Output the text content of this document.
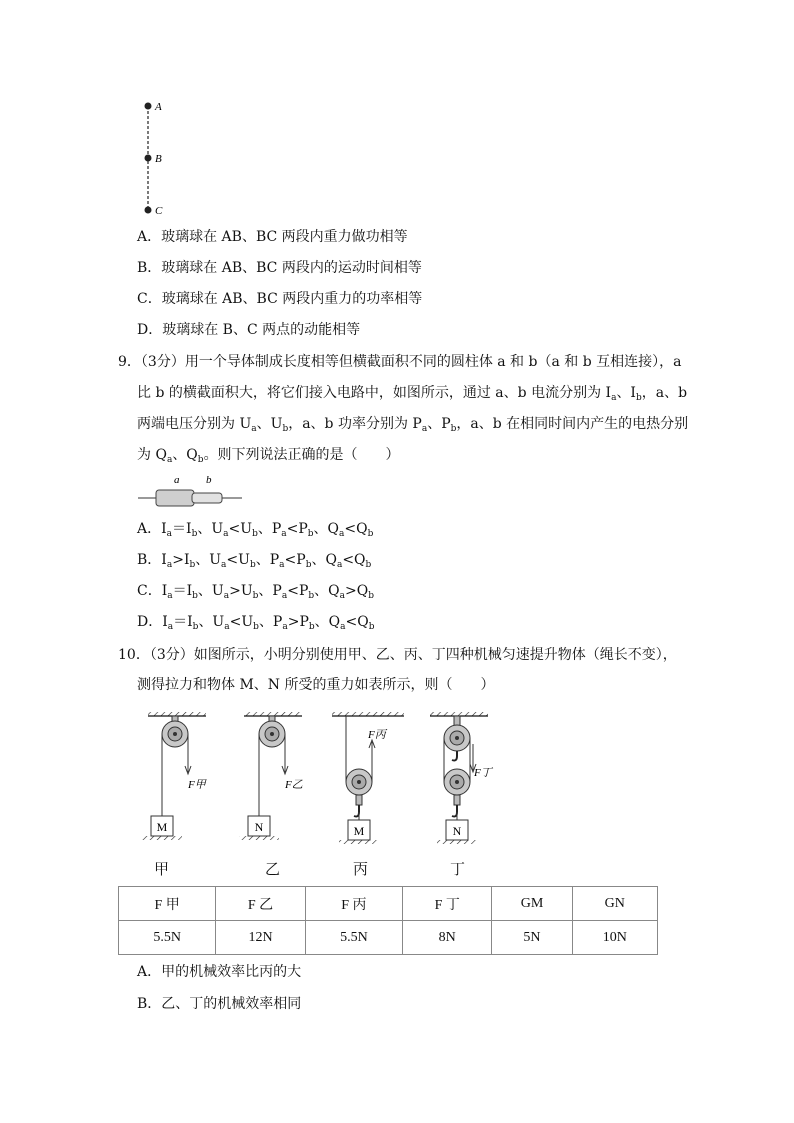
A
B
C
A．玻璃球在 AB、BC 两段内重力做功相等
B．玻璃球在 AB、BC 两段内的运动时间相等
C．玻璃球在 AB、BC 两段内重力的功率相等
D．玻璃球在 B、C 两点的动能相等
9．（3分）用一个导体制成长度相等但横截面积不同的圆柱体 a 和 b（a 和 b 互相连接），a
比 b 的横截面积大，将它们接入电路中，如图所示，通过 a、b 电流分别为 $I_a$、$I_b$，a、b
两端电压分别为 $U_a$、$U_b$，a、b 功率分别为 $P_a$、$P_b$，a、b 在相同时间内产生的电热分别
为 $Q_a$、$Q_b$。则下列说法正确的是（　　）
a b
A．$I_a=I_b$、$U_a<U_b$、$P_a<P_b$、$Q_a<Q_b$
B．$I_a>I_b$、$U_a<U_b$、$P_a<P_b$、$Q_a<Q_b$
C．$I_a=I_b$、$U_a>U_b$、$P_a<P_b$、$Q_a>Q_b$
D．$I_a=I_b$、$U_a<U_b$、$P_a>P_b$、$Q_a<Q_b$
10．（3分）如图所示，小明分别使用甲、乙、丙、丁四种机械匀速提升物体（绳长不变），
测得拉力和物体 M、N 所受的重力如表所示，则（　　）
M
F甲
N
F乙
M
F丙
N
F丁
甲	乙	丙	丁
F 甲	F 乙	F 丙	F 丁	GM	GN
5.5N	12N	5.5N	8N	5N	10N
A．甲的机械效率比丙的大
B．乙、丁的机械效率相同
